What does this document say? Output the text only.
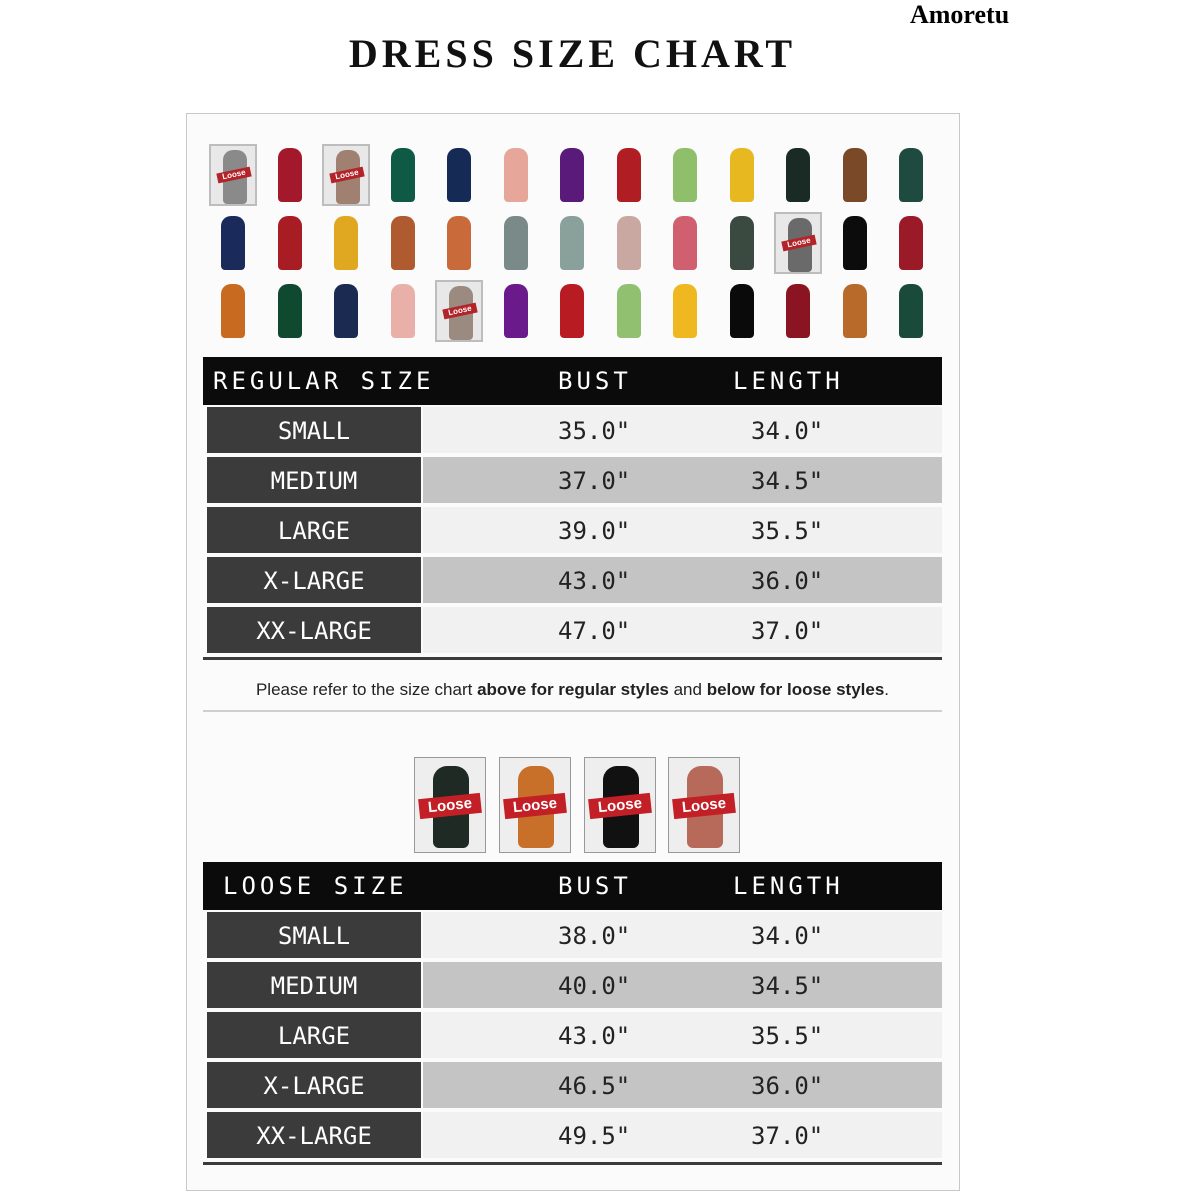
Amoretu
DRESS SIZE CHART
Loose	Loose
Loose
Loose
REGULAR SIZE	BUST	LENGTH
SMALL	35.0"	34.0"
MEDIUM	37.0"	34.5"
LARGE	39.0"	35.5"
X-LARGE	43.0"	36.0"
XX-LARGE	47.0"	37.0"
Please refer to the size chart above for regular styles and below for loose styles.
Loose	Loose	Loose	Loose
LOOSE SIZE	BUST	LENGTH
SMALL	38.0"	34.0"
MEDIUM	40.0"	34.5"
LARGE	43.0"	35.5"
X-LARGE	46.5"	36.0"
XX-LARGE	49.5"	37.0"
